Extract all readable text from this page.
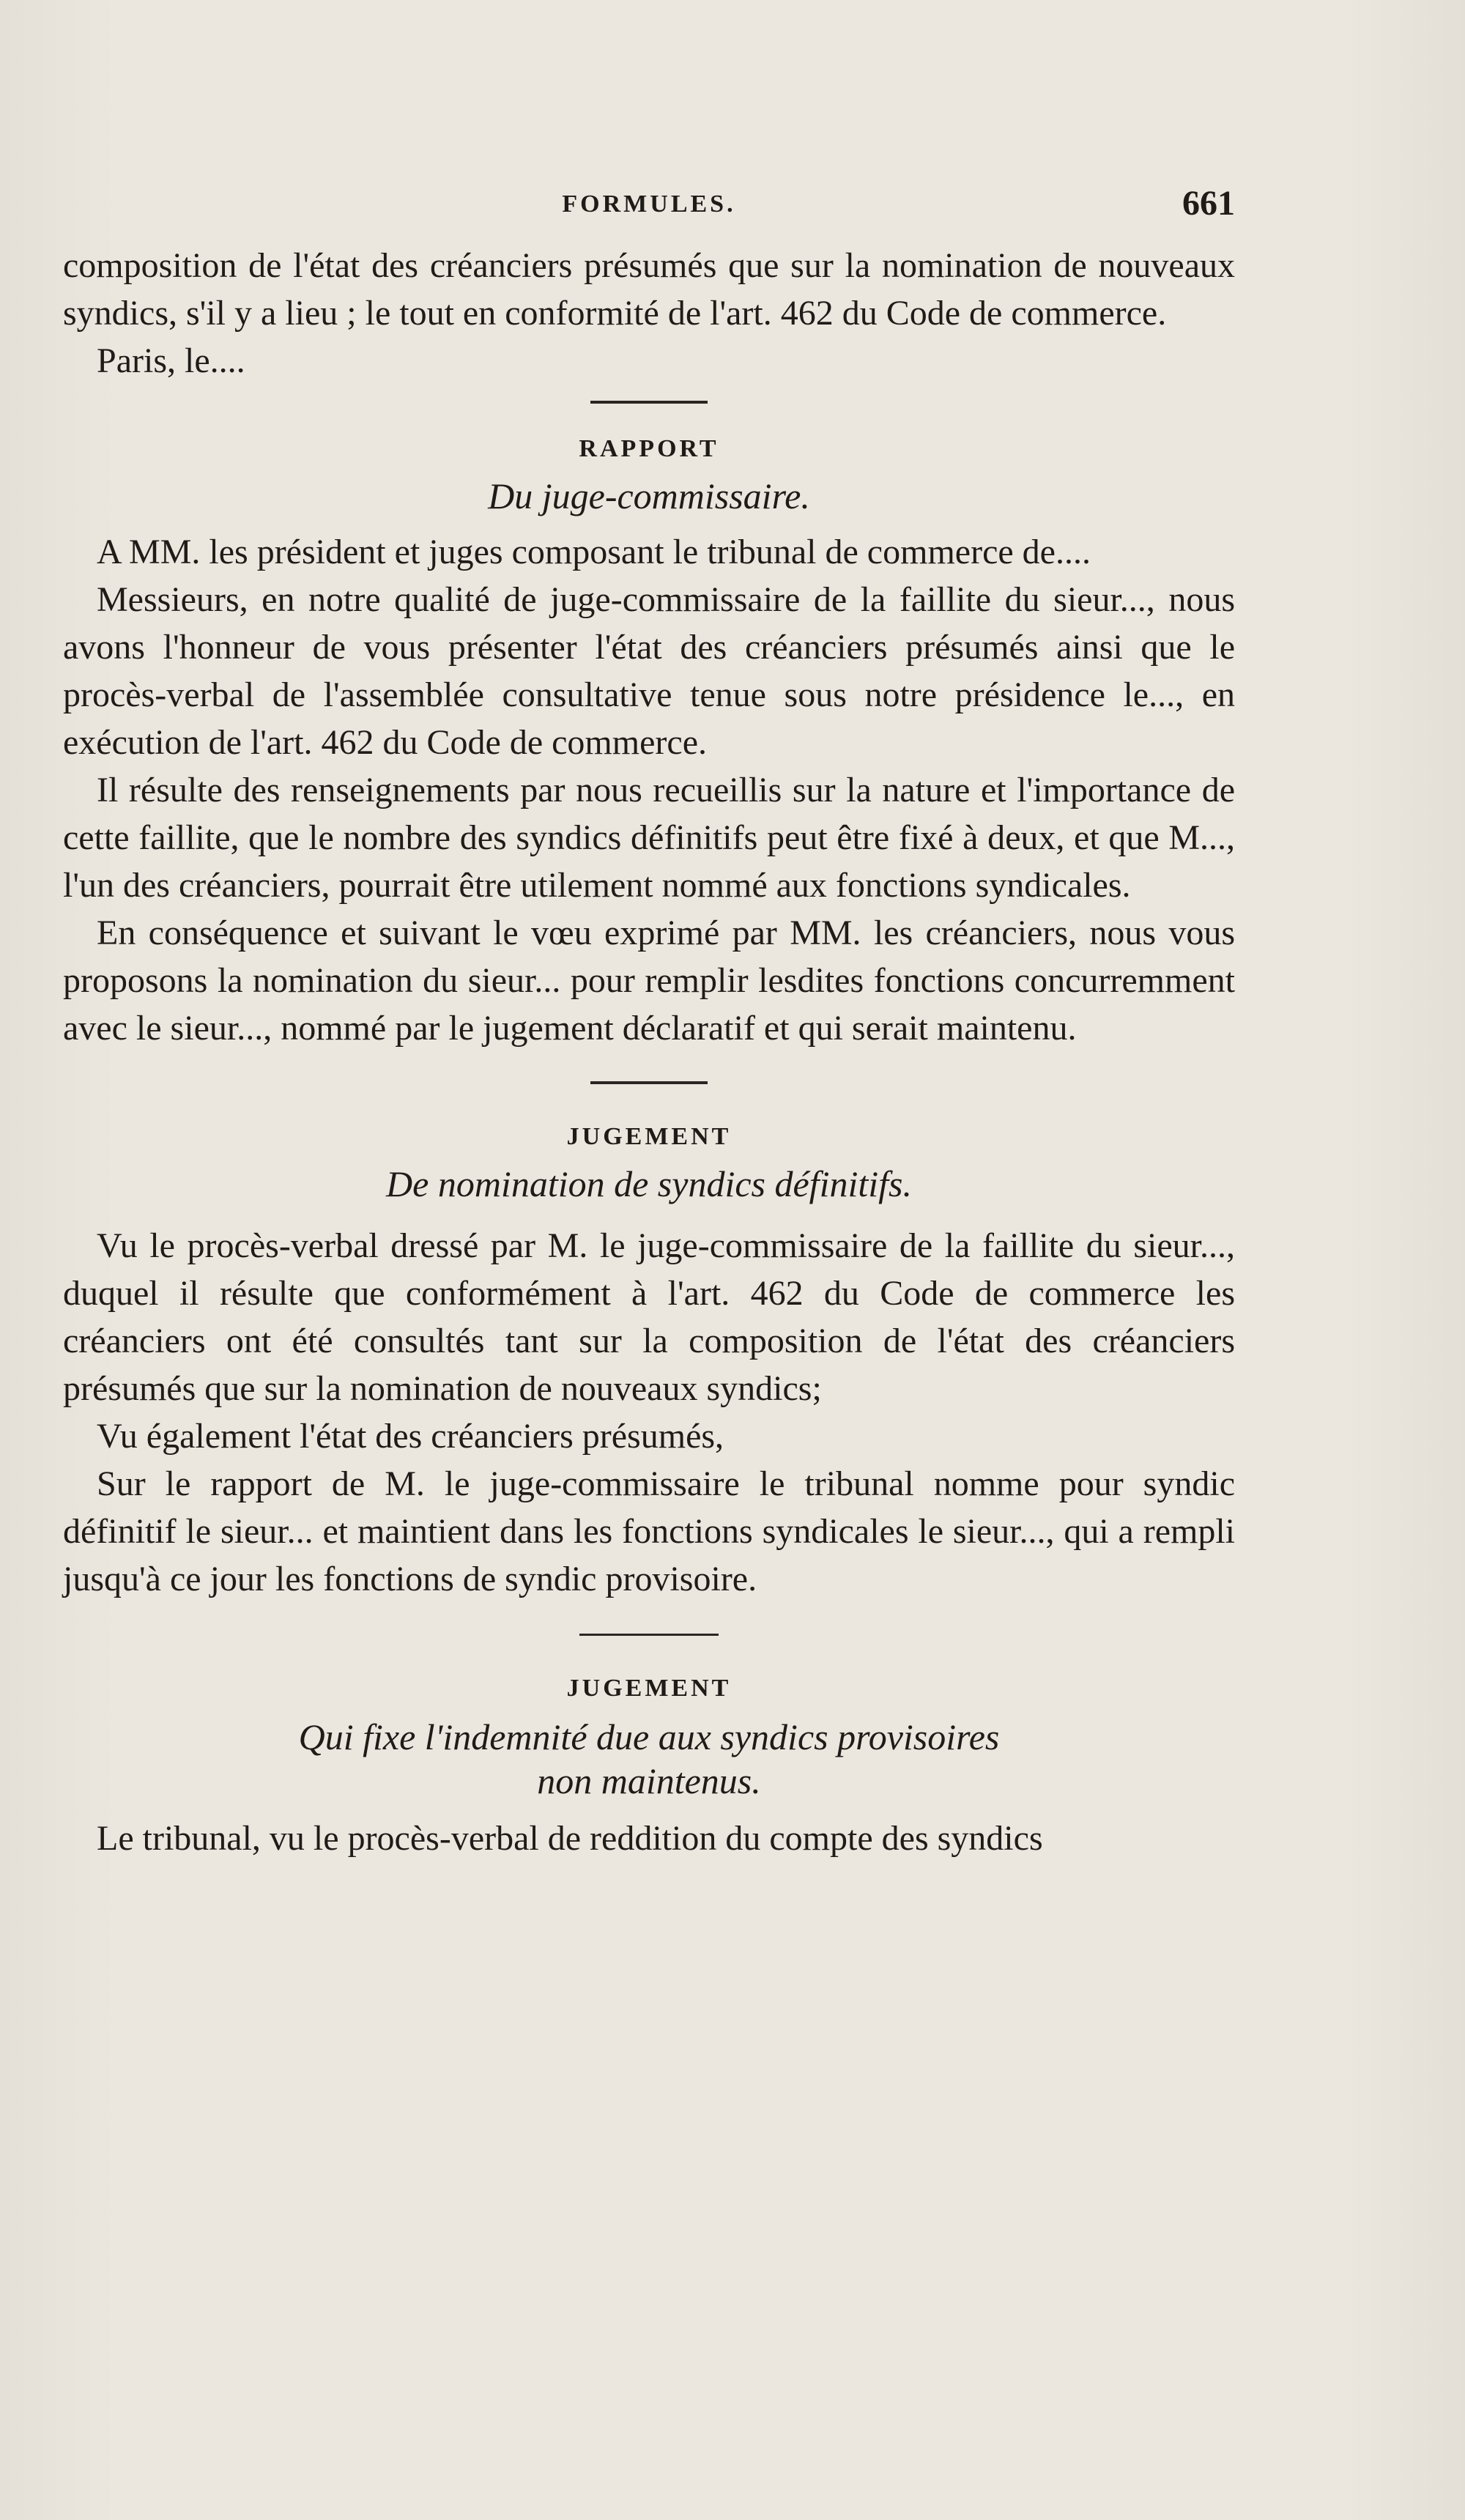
FORMULES.	661

composition de l'état des créanciers présumés que sur la nomination de nouveaux syndics, s'il y a lieu ; le tout en conformité de l'art. 462 du Code de commerce.

Paris, le....

RAPPORT
Du juge-commissaire.

A MM. les président et juges composant le tribunal de commerce de....

Messieurs, en notre qualité de juge-commissaire de la faillite du sieur..., nous avons l'honneur de vous présenter l'état des créanciers présumés ainsi que le procès-verbal de l'assemblée consultative tenue sous notre présidence le..., en exécution de l'art. 462 du Code de commerce.

Il résulte des renseignements par nous recueillis sur la nature et l'importance de cette faillite, que le nombre des syndics définitifs peut être fixé à deux, et que M..., l'un des créanciers, pourrait être utilement nommé aux fonctions syndicales.

En conséquence et suivant le vœu exprimé par MM. les créanciers, nous vous proposons la nomination du sieur... pour remplir lesdites fonctions concurremment avec le sieur..., nommé par le jugement déclaratif et qui serait maintenu.

JUGEMENT
De nomination de syndics définitifs.

Vu le procès-verbal dressé par M. le juge-commissaire de la faillite du sieur..., duquel il résulte que conformément à l'art. 462 du Code de commerce les créanciers ont été consultés tant sur la composition de l'état des créanciers présumés que sur la nomination de nouveaux syndics;

Vu également l'état des créanciers présumés,

Sur le rapport de M. le juge-commissaire le tribunal nomme pour syndic définitif le sieur... et maintient dans les fonctions syndicales le sieur..., qui a rempli jusqu'à ce jour les fonctions de syndic provisoire.

JUGEMENT
Qui fixe l'indemnité due aux syndics provisoires
non maintenus.

Le tribunal, vu le procès-verbal de reddition du compte des syndics
